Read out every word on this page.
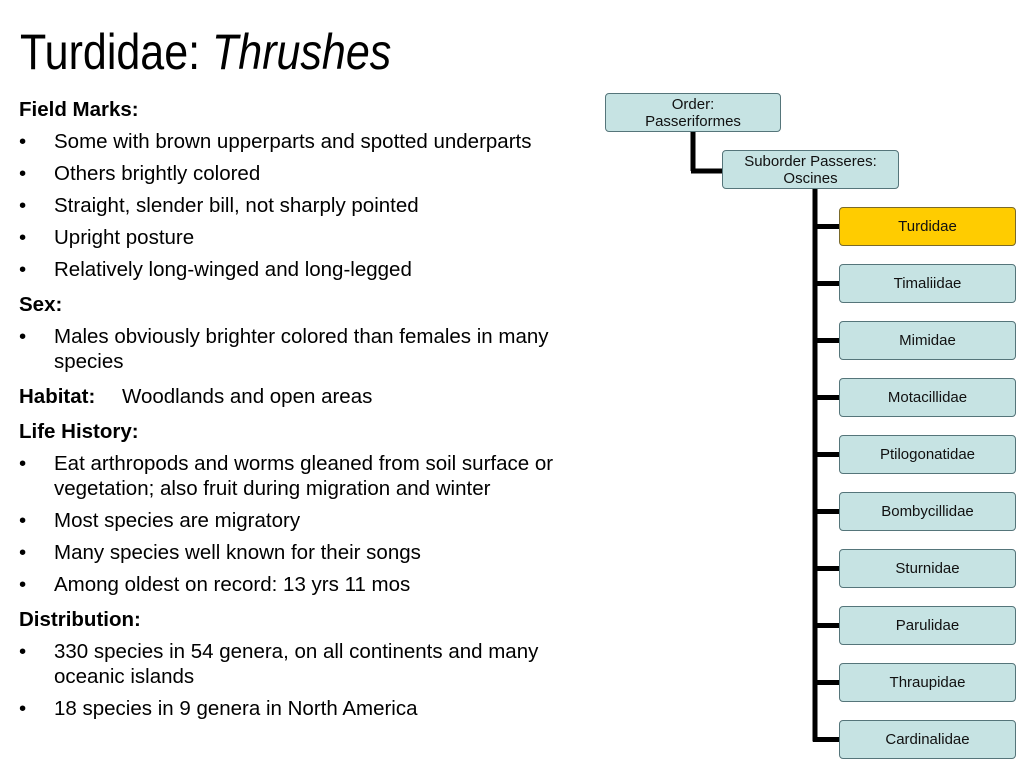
Turdidae: Thrushes

Field Marks:

• Some with brown upperparts and spotted underparts
• Others brightly colored
• Straight, slender bill, not sharply pointed
• Upright posture
• Relatively long-winged and long-legged

Sex:

• Males obviously brighter colored than females in many species
Habitat: Woodlands and open areas

Life History:

• Eat arthropods and worms gleaned from soil surface or vegetation; also fruit during migration and winter
• Most species are migratory
• Many species well known for their songs
• Among oldest on record: 13 yrs 11 mos

Distribution:

• 330 species in 54 genera, on all continents and many oceanic islands
• 18 species in 9 genera in North America
Order:
Passeriformes
Suborder Passeres:
Oscines
Turdidae
Timaliidae
Mimidae
Motacillidae
Ptilogonatidae
Bombycillidae
Sturnidae
Parulidae
Thraupidae
Cardinalidae
